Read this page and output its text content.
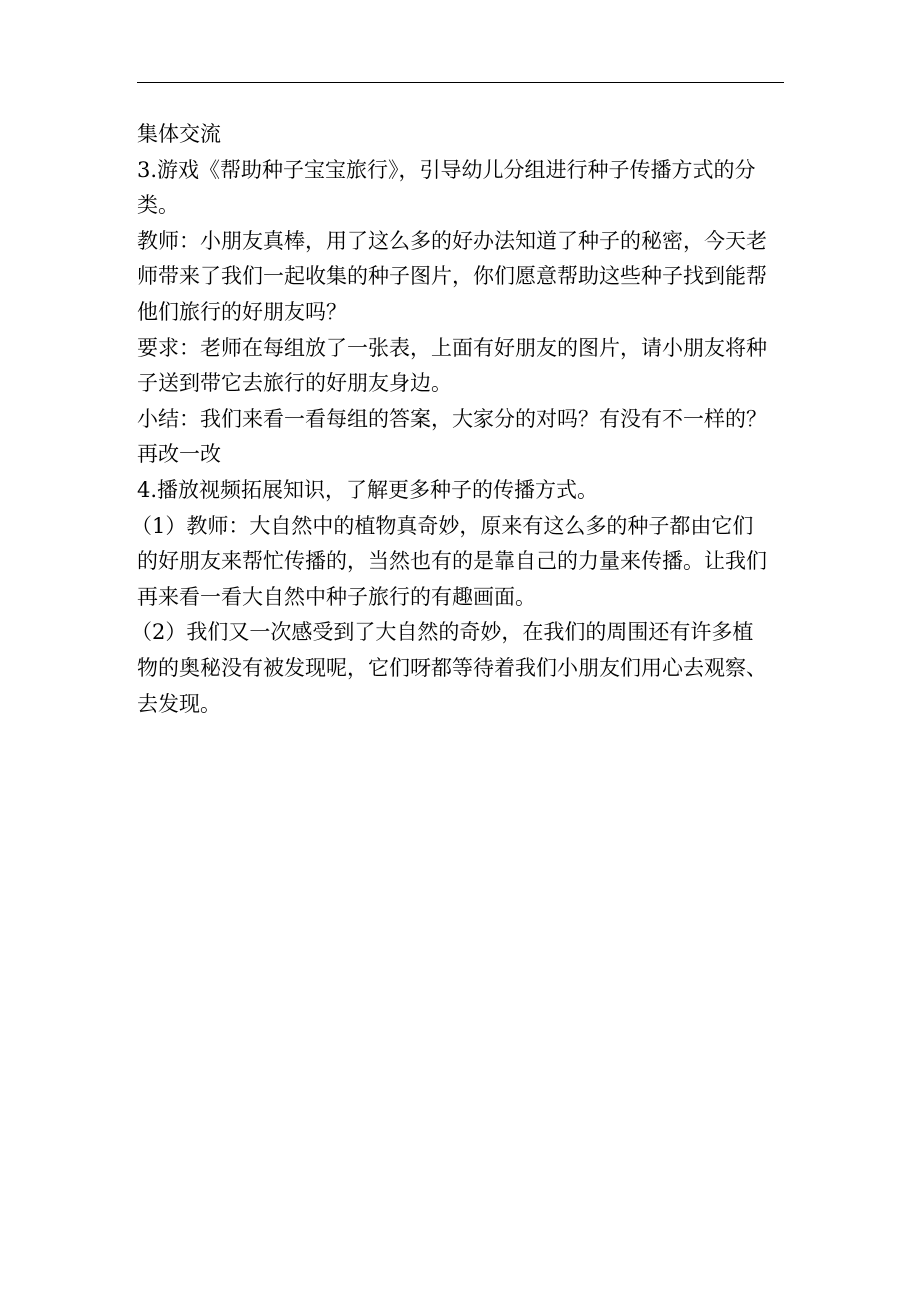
集体交流
3.游戏《帮助种子宝宝旅行》，引导幼儿分组进行种子传播方式的分
类。
教师：小朋友真棒，用了这么多的好办法知道了种子的秘密，今天老
师带来了我们一起收集的种子图片，你们愿意帮助这些种子找到能帮
他们旅行的好朋友吗？
要求：老师在每组放了一张表，上面有好朋友的图片，请小朋友将种
子送到带它去旅行的好朋友身边。
小结：我们来看一看每组的答案，大家分的对吗？有没有不一样的？
再改一改
4.播放视频拓展知识，了解更多种子的传播方式。
（1）教师：大自然中的植物真奇妙，原来有这么多的种子都由它们
的好朋友来帮忙传播的，当然也有的是靠自己的力量来传播。让我们
再来看一看大自然中种子旅行的有趣画面。
（2）我们又一次感受到了大自然的奇妙，在我们的周围还有许多植
物的奥秘没有被发现呢，它们呀都等待着我们小朋友们用心去观察、
去发现。
